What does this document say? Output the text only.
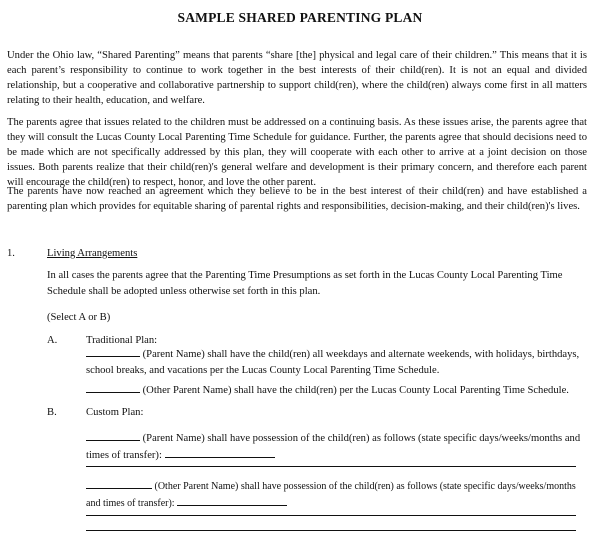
SAMPLE SHARED PARENTING PLAN

Under the Ohio law, “Shared Parenting” means that parents “share [the] physical and legal care of their children.” This means that it is each parent’s responsibility to continue to work together in the best interests of their child(ren). It is not an equal and divided relationship, but a cooperative and collaborative partnership to support child(ren), where the child(ren) always come first in all matters relating to their health, education, and welfare.

The parents agree that issues related to the children must be addressed on a continuing basis. As these issues arise, the parents agree that they will consult the Lucas County Local Parenting Time Schedule for guidance. Further, the parents agree that should decisions need to be made which are not specifically addressed by this plan, they will cooperate with each other to arrive at a joint decision on those issues. Both parents realize that their child(ren)'s general welfare and development is their primary concern, and therefore each parent will encourage the child(ren) to respect, honor, and love the other parent.

The parents have now reached an agreement which they believe to be in the best interest of their child(ren) and have established a parenting plan which provides for equitable sharing of parental rights and responsibilities, decision-making, and their child(ren)'s lives.

1.	Living Arrangements

In all cases the parents agree that the Parenting Time Presumptions as set forth in the Lucas County Local Parenting Time Schedule shall be adopted unless otherwise set forth in this plan.

(Select A or B)
A.	Traditional Plan:

(Parent Name) shall have the child(ren) all weekdays and alternate weekends, with holidays, birthdays, school breaks, and vacations per the Lucas County Local Parenting Time Schedule.

(Other Parent Name) shall have the child(ren) per the Lucas County Local Parenting Time Schedule.

B.	Custom Plan:

(Parent Name) shall have possession of the child(ren) as follows (state specific days/weeks/months and times of transfer):

(Other Parent Name) shall have possession of the child(ren) as follows (state specific days/weeks/months and times of transfer):
